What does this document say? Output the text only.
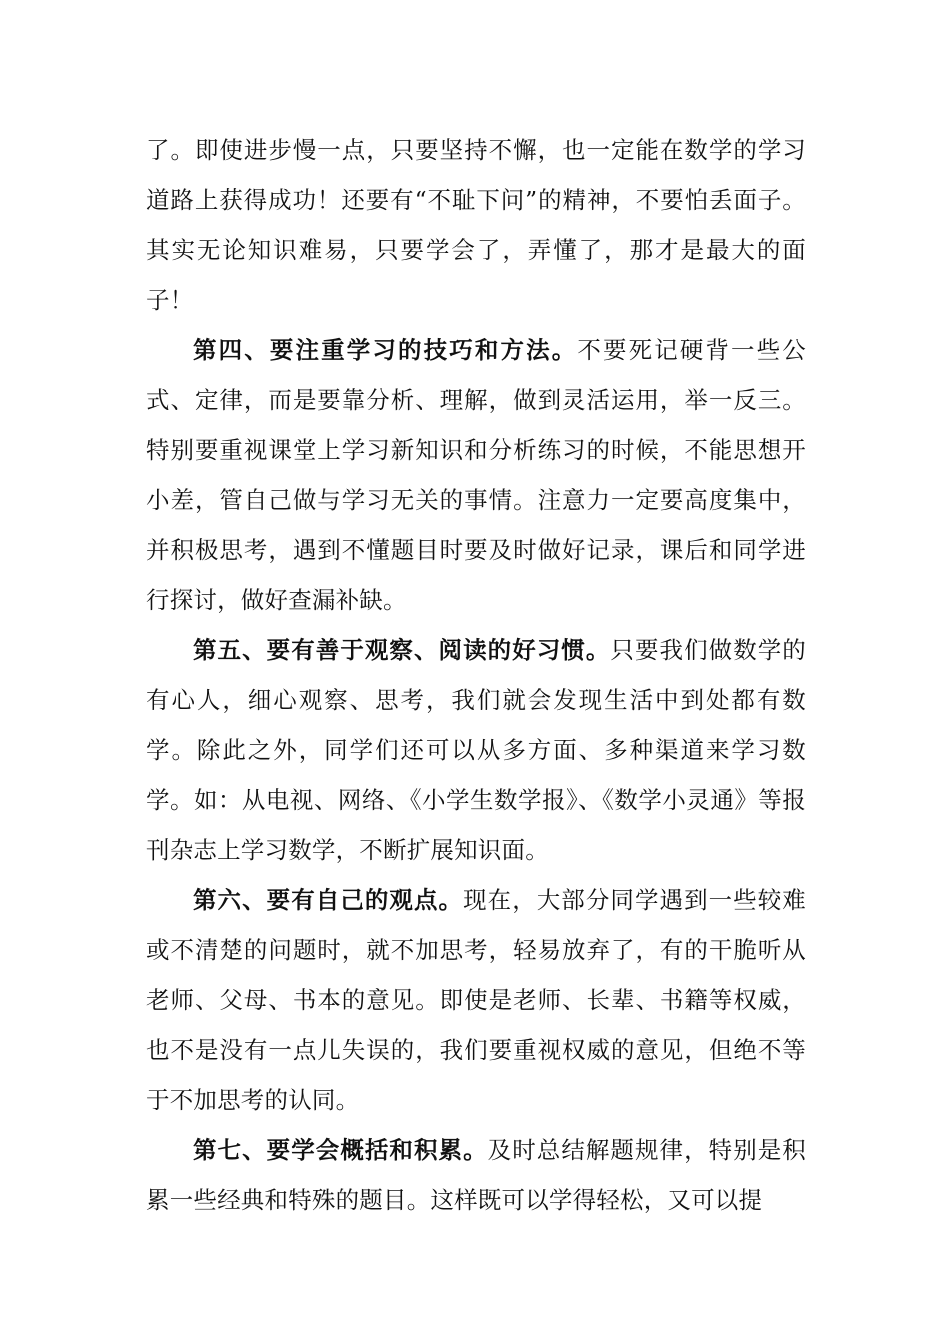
了。即使进步慢一点，只要坚持不懈，也一定能在数学的学习道路上获得成功！还要有“不耻下问”的精神，不要怕丢面子。其实无论知识难易，只要学会了，弄懂了，那才是最大的面子！

第四、要注重学习的技巧和方法。不要死记硬背一些公式、定律，而是要靠分析、理解，做到灵活运用，举一反三。特别要重视课堂上学习新知识和分析练习的时候，不能思想开小差，管自己做与学习无关的事情。注意力一定要高度集中，并积极思考，遇到不懂题目时要及时做好记录，课后和同学进行探讨，做好查漏补缺。

第五、要有善于观察、阅读的好习惯。只要我们做数学的有心人，细心观察、思考，我们就会发现生活中到处都有数学。除此之外，同学们还可以从多方面、多种渠道来学习数学。如：从电视、网络、《小学生数学报》、《数学小灵通》等报刊杂志上学习数学，不断扩展知识面。

第六、要有自己的观点。现在，大部分同学遇到一些较难或不清楚的问题时，就不加思考，轻易放弃了，有的干脆听从老师、父母、书本的意见。即使是老师、长辈、书籍等权威，也不是没有一点儿失误的，我们要重视权威的意见，但绝不等于不加思考的认同。

第七、要学会概括和积累。及时总结解题规律，特别是积累一些经典和特殊的题目。这样既可以学得轻松，又可以提
